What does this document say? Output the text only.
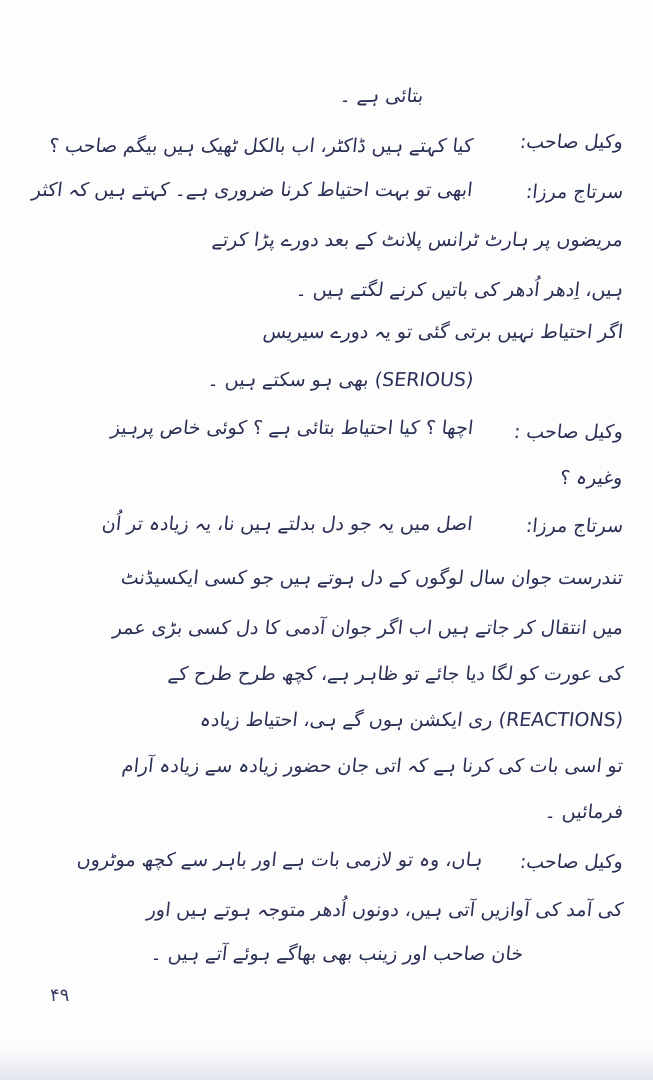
بتائی ہے ۔
وکیل صاحب:
کیا کہتے ہیں ڈاکٹر، اب بالکل ٹھیک ہیں بیگم صاحب ؟
سرتاج مرزا:
ابھی تو بہت احتیاط کرنا ضروری ہے۔ کہتے ہیں کہ اکثر
مریضوں پر ہارٹ ٹرانس پلانٹ کے بعد دورے پڑا کرتے
ہیں، اِدھر اُدھر کی باتیں کرنے لگتے ہیں ۔
اگر احتیاط نہیں برتی گئی تو یہ دورے سیریس
(SERIOUS) بھی ہو سکتے ہیں ۔
وکیل صاحب :
اچھا ؟ کیا احتیاط بتائی ہے ؟ کوئی خاص پرہیز
وغیرہ ؟
سرتاج مرزا:
اصل میں یہ جو دل بدلتے ہیں نا، یہ زیادہ تر اُن
تندرست جوان سال لوگوں کے دل ہوتے ہیں جو کسی ایکسیڈنٹ
میں انتقال کر جاتے ہیں اب اگر جوان آدمی کا دل کسی بڑی عمر
کی عورت کو لگا دیا جائے تو ظاہر ہے، کچھ طرح طرح کے
(REACTIONS) ری ایکشن ہوں گے ہی، احتیاط زیادہ
تو اسی بات کی کرنا ہے کہ اتی جان حضور زیادہ سے زیادہ آرام
فرمائیں ۔
وکیل صاحب:
ہاں، وہ تو لازمی بات ہے اور باہر سے کچھ موٹروں
کی آمد کی آوازیں آتی ہیں، دونوں اُدھر متوجہ ہوتے ہیں اور
خان صاحب اور زینب بھی بھاگے ہوئے آتے ہیں ۔
۴۹
